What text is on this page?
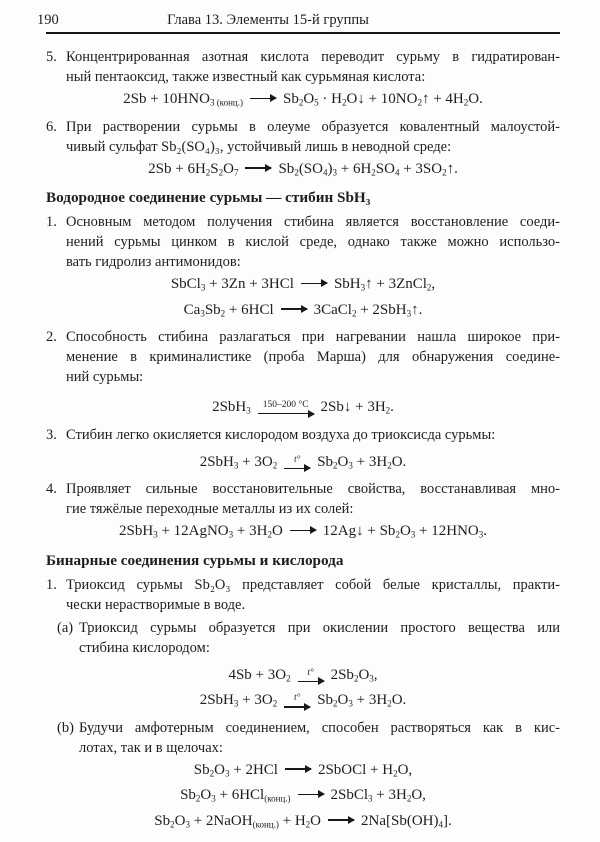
190	Глава 13. Элементы 15-й группы
5. Концентрированная азотная кислота переводит сурьму в гидратирован-
ный пентаоксид, также известный как сурьмяная кислота:
2Sb + 10HNO3 (конц.) → Sb2O5 · H2O↓ + 10NO2↑ + 4H2O.
6. При растворении сурьмы в олеуме образуется ковалентный малоустой-
чивый сульфат Sb₂(SO₄)₃, устойчивый лишь в неводной среде:
2Sb + 6H2S2O7 → Sb2(SO4)3 + 6H2SO4 + 3SO2↑.
Водородное соединение сурьмы — стибин SbH₃
1. Основным методом получения стибина является восстановление соеди-
нений сурьмы цинком в кислой среде, однако также можно использо-
вать гидролиз антимонидов:
SbCl3 + 3Zn + 3HCl → SbH3↑ + 3ZnCl2,
Ca3Sb2 + 6HCl → 3CaCl2 + 2SbH3↑.
2. Способность стибина разлагаться при нагревании нашла широкое при-
менение в криминалистике (проба Марша) для обнаружения соедине-
ний сурьмы:
2SbH3
150–200 °C 2Sb↓ + 3H2.
3. Стибин легко окисляется кислородом воздуха до триоксисда сурьмы:
2SbH3 + 3O2
t°	Sb2O3 + 3H2O.
4. Проявляет сильные восстановительные свойства, восстанавливая мно-
гие тяжёлые переходные металлы из их солей:
2SbH3 + 12AgNO3 + 3H2O → 12Ag↓ + Sb2O3 + 12HNO3.
Бинарные соединения сурьмы и кислорода
1. Триоксид сурьмы Sb₂O₃ представляет собой белые кристаллы, практи-
чески нерастворимые в воде.
(a) Триоксид сурьмы образуется при окислении простого вещества или
стибина кислородом:
4Sb + 3O2
t°	2Sb2O3,
2SbH3 + 3O2
t°	Sb2O3 + 3H2O.
(b) Будучи амфотерным соединением, способен растворяться как в кис-
лотах, так и в щелочах:
Sb2O3 + 2HCl → 2SbOCl + H2O,
Sb2O3 + 6HCl(конц.) → 2SbCl3 + 3H2O,
Sb2O3 + 2NaOH(конц.) + H2O → 2Na[Sb(OH)4].
